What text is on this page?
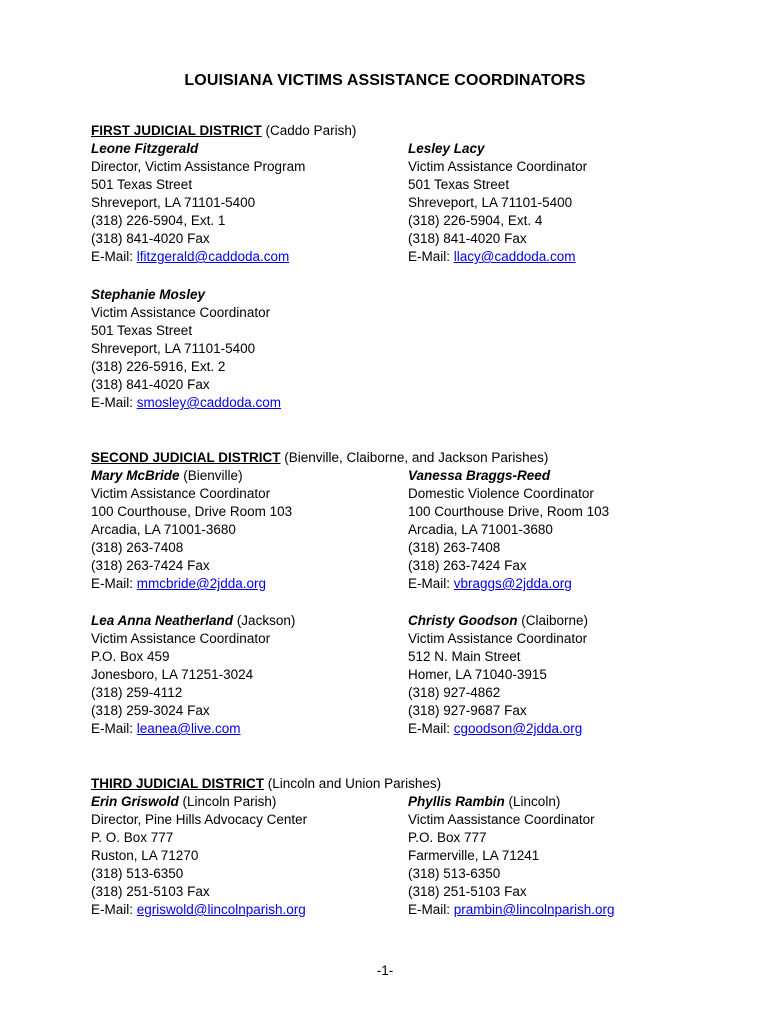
LOUISIANA VICTIMS ASSISTANCE COORDINATORS
FIRST JUDICIAL DISTRICT (Caddo Parish)
Leone Fitzgerald
Director, Victim Assistance Program
501 Texas Street
Shreveport, LA 71101-5400
(318) 226-5904, Ext. 1
(318) 841-4020 Fax
E-Mail: lfitzgerald@caddoda.com
Lesley Lacy
Victim Assistance Coordinator
501 Texas Street
Shreveport, LA 71101-5400
(318) 226-5904, Ext. 4
(318) 841-4020 Fax
E-Mail: llacy@caddoda.com
Stephanie Mosley
Victim Assistance Coordinator
501 Texas Street
Shreveport, LA 71101-5400
(318) 226-5916, Ext. 2
(318) 841-4020 Fax
E-Mail: smosley@caddoda.com
SECOND JUDICIAL DISTRICT (Bienville, Claiborne, and Jackson Parishes)
Mary McBride (Bienville)
Victim Assistance Coordinator
100 Courthouse, Drive Room 103
Arcadia, LA 71001-3680
(318) 263-7408
(318) 263-7424 Fax
E-Mail: mmcbride@2jdda.org
Vanessa Braggs-Reed
Domestic Violence Coordinator
100 Courthouse Drive, Room 103
Arcadia, LA 71001-3680
(318) 263-7408
(318) 263-7424 Fax
E-Mail: vbraggs@2jdda.org
Lea Anna Neatherland (Jackson)
Victim Assistance Coordinator
P.O. Box 459
Jonesboro, LA 71251-3024
(318) 259-4112
(318) 259-3024 Fax
E-Mail: leanea@live.com
Christy Goodson (Claiborne)
Victim Assistance Coordinator
512 N. Main Street
Homer, LA 71040-3915
(318) 927-4862
(318) 927-9687 Fax
E-Mail: cgoodson@2jdda.org
THIRD JUDICIAL DISTRICT (Lincoln and Union Parishes)
Erin Griswold (Lincoln Parish)
Director, Pine Hills Advocacy Center
P. O. Box 777
Ruston, LA 71270
(318) 513-6350
(318) 251-5103 Fax
E-Mail: egriswold@lincolnparish.org
Phyllis Rambin (Lincoln)
Victim Aassistance Coordinator
P.O. Box 777
Farmerville, LA 71241
(318) 513-6350
(318) 251-5103 Fax
E-Mail: prambin@lincolnparish.org
-1-
